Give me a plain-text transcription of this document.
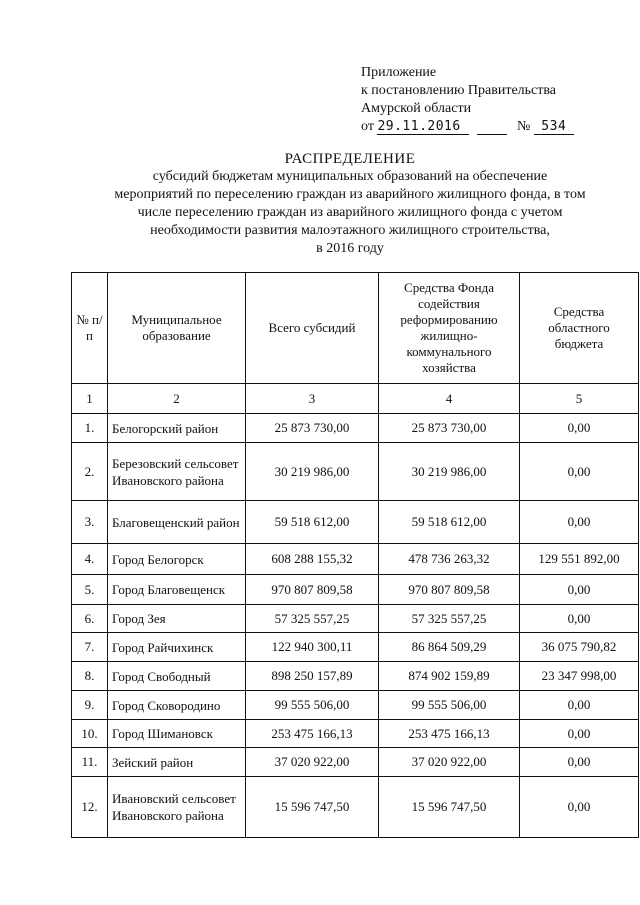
Приложение
к постановлению Правительства
Амурской области
от 29.11.2016	№ 534
РАСПРЕДЕЛЕНИЕ
субсидий бюджетам муниципальных образований на обеспечение
мероприятий по переселению граждан из аварийного жилищного фонда, в том
числе переселению граждан из аварийного жилищного фонда с учетом
необходимости развития малоэтажного жилищного строительства,
в 2016 году
№ п/п	Муниципальное образование	Всего субсидий	Средства Фонда содействия реформированию жилищно-коммунального хозяйства	Средства областного бюджета
1	2	3	4	5
1.	Белогорский район	25 873 730,00	25 873 730,00	0,00
2.	Березовский сельсовет Ивановского района	30 219 986,00	30 219 986,00	0,00
3.	Благовещенский район	59 518 612,00	59 518 612,00	0,00
4.	Город Белогорск	608 288 155,32	478 736 263,32	129 551 892,00
5.	Город Благовещенск	970 807 809,58	970 807 809,58	0,00
6.	Город Зея	57 325 557,25	57 325 557,25	0,00
7.	Город Райчихинск	122 940 300,11	86 864 509,29	36 075 790,82
8.	Город Свободный	898 250 157,89	874 902 159,89	23 347 998,00
9.	Город Сковородино	99 555 506,00	99 555 506,00	0,00
10.	Город Шимановск	253 475 166,13	253 475 166,13	0,00
11.	Зейский район	37 020 922,00	37 020 922,00	0,00
12.	Ивановский сельсовет Ивановского района	15 596 747,50	15 596 747,50	0,00
